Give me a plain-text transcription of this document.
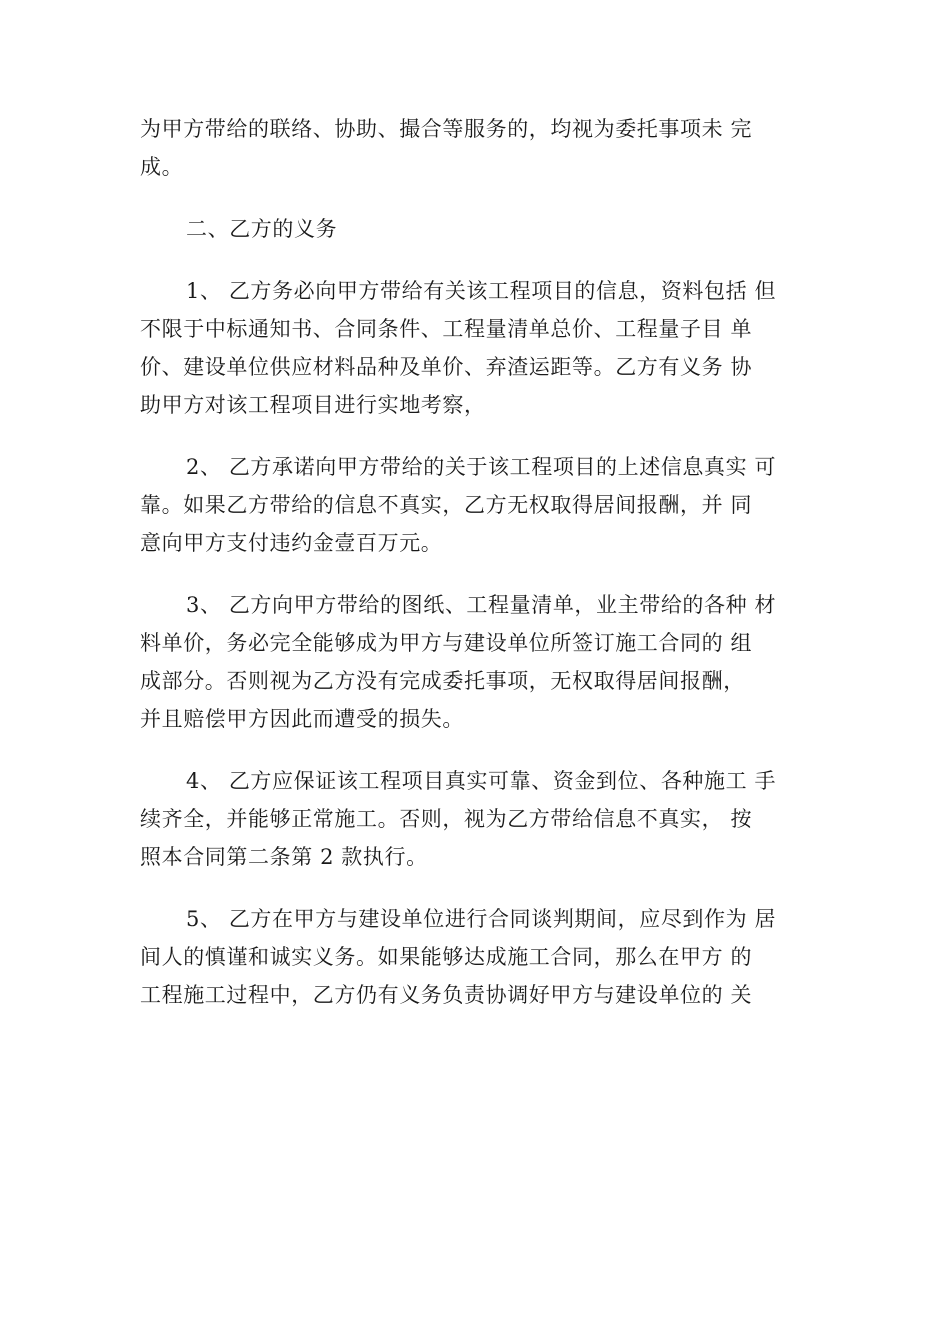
为甲方带给的联络、协助、撮合等服务的，均视为委托事项未 完
成。
二、乙方的义务
1、 乙方务必向甲方带给有关该工程项目的信息，资料包括 但
不限于中标通知书、合同条件、工程量清单总价、工程量子目 单
价、建设单位供应材料品种及单价、弃渣运距等。乙方有义务 协
助甲方对该工程项目进行实地考察，
2、 乙方承诺向甲方带给的关于该工程项目的上述信息真实 可
靠。如果乙方带给的信息不真实，乙方无权取得居间报酬，并 同
意向甲方支付违约金壹百万元。
3、 乙方向甲方带给的图纸、工程量清单，业主带给的各种 材
料单价，务必完全能够成为甲方与建设单位所签订施工合同的 组
成部分。否则视为乙方没有完成委托事项，无权取得居间报酬，
并且赔偿甲方因此而遭受的损失。
4、 乙方应保证该工程项目真实可靠、资金到位、各种施工 手
续齐全，并能够正常施工。否则，视为乙方带给信息不真实， 按
照本合同第二条第 2 款执行。
5、 乙方在甲方与建设单位进行合同谈判期间，应尽到作为 居
间人的慎谨和诚实义务。如果能够达成施工合同，那么在甲方 的
工程施工过程中，乙方仍有义务负责协调好甲方与建设单位的 关
